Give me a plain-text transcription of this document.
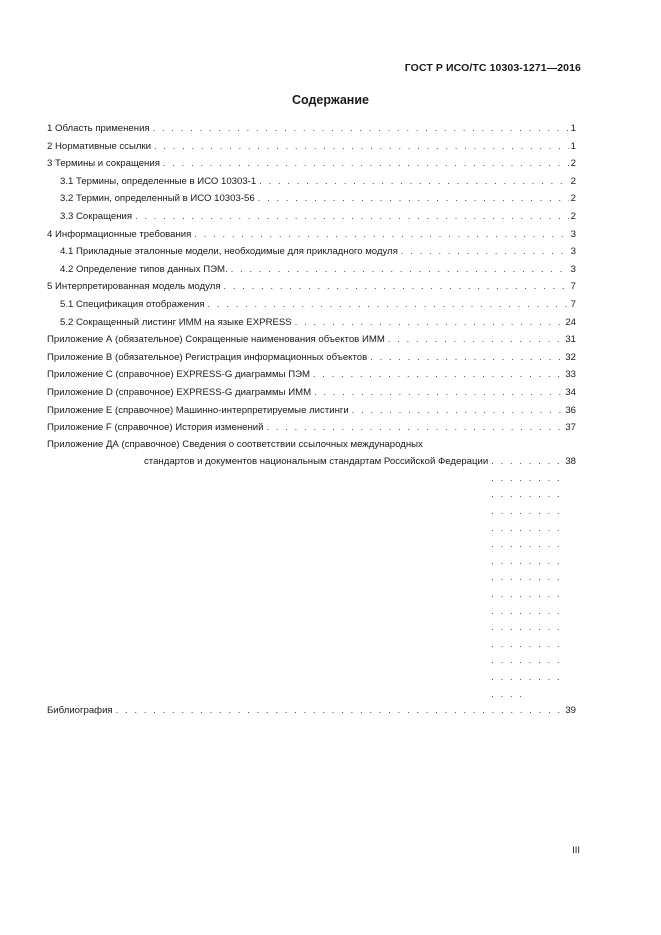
ГОСТ Р ИСО/ТС 10303-1271—2016
Содержание
1 Область применения . . .	1
2 Нормативные ссылки . . .	1
3 Термины и сокращения . . .	2
3.1 Термины, определенные в ИСО 10303-1 . . .	2
3.2 Термин, определенный в ИСО 10303-56 . . .	2
3.3 Сокращения . . .	2
4 Информационные требования . . .	3
4.1 Прикладные эталонные модели, необходимые для прикладного модуля . . .	3
4.2 Определение типов данных ПЭМ. . . .	3
5 Интерпретированная модель модуля . . .	7
5.1 Спецификация отображения . . .	7
5.2 Сокращенный листинг ИММ на языке EXPRESS . . .	24
Приложение А (обязательное) Сокращенные наименования объектов ИММ . . .	31
Приложение В (обязательное) Регистрация информационных объектов . . .	32
Приложение С (справочное) EXPRESS-G диаграммы ПЭМ . . .	33
Приложение D (справочное) EXPRESS-G диаграммы ИММ . . .	34
Приложение Е (справочное) Машинно-интерпретируемые листинги . . .	36
Приложение F (справочное) История изменений . . .	37
Приложение ДА (справочное) Сведения о соответствии ссылочных международных
стандартов и документов национальным стандартам Российской Федерации . . .	38
Библиография . . .	39
III
